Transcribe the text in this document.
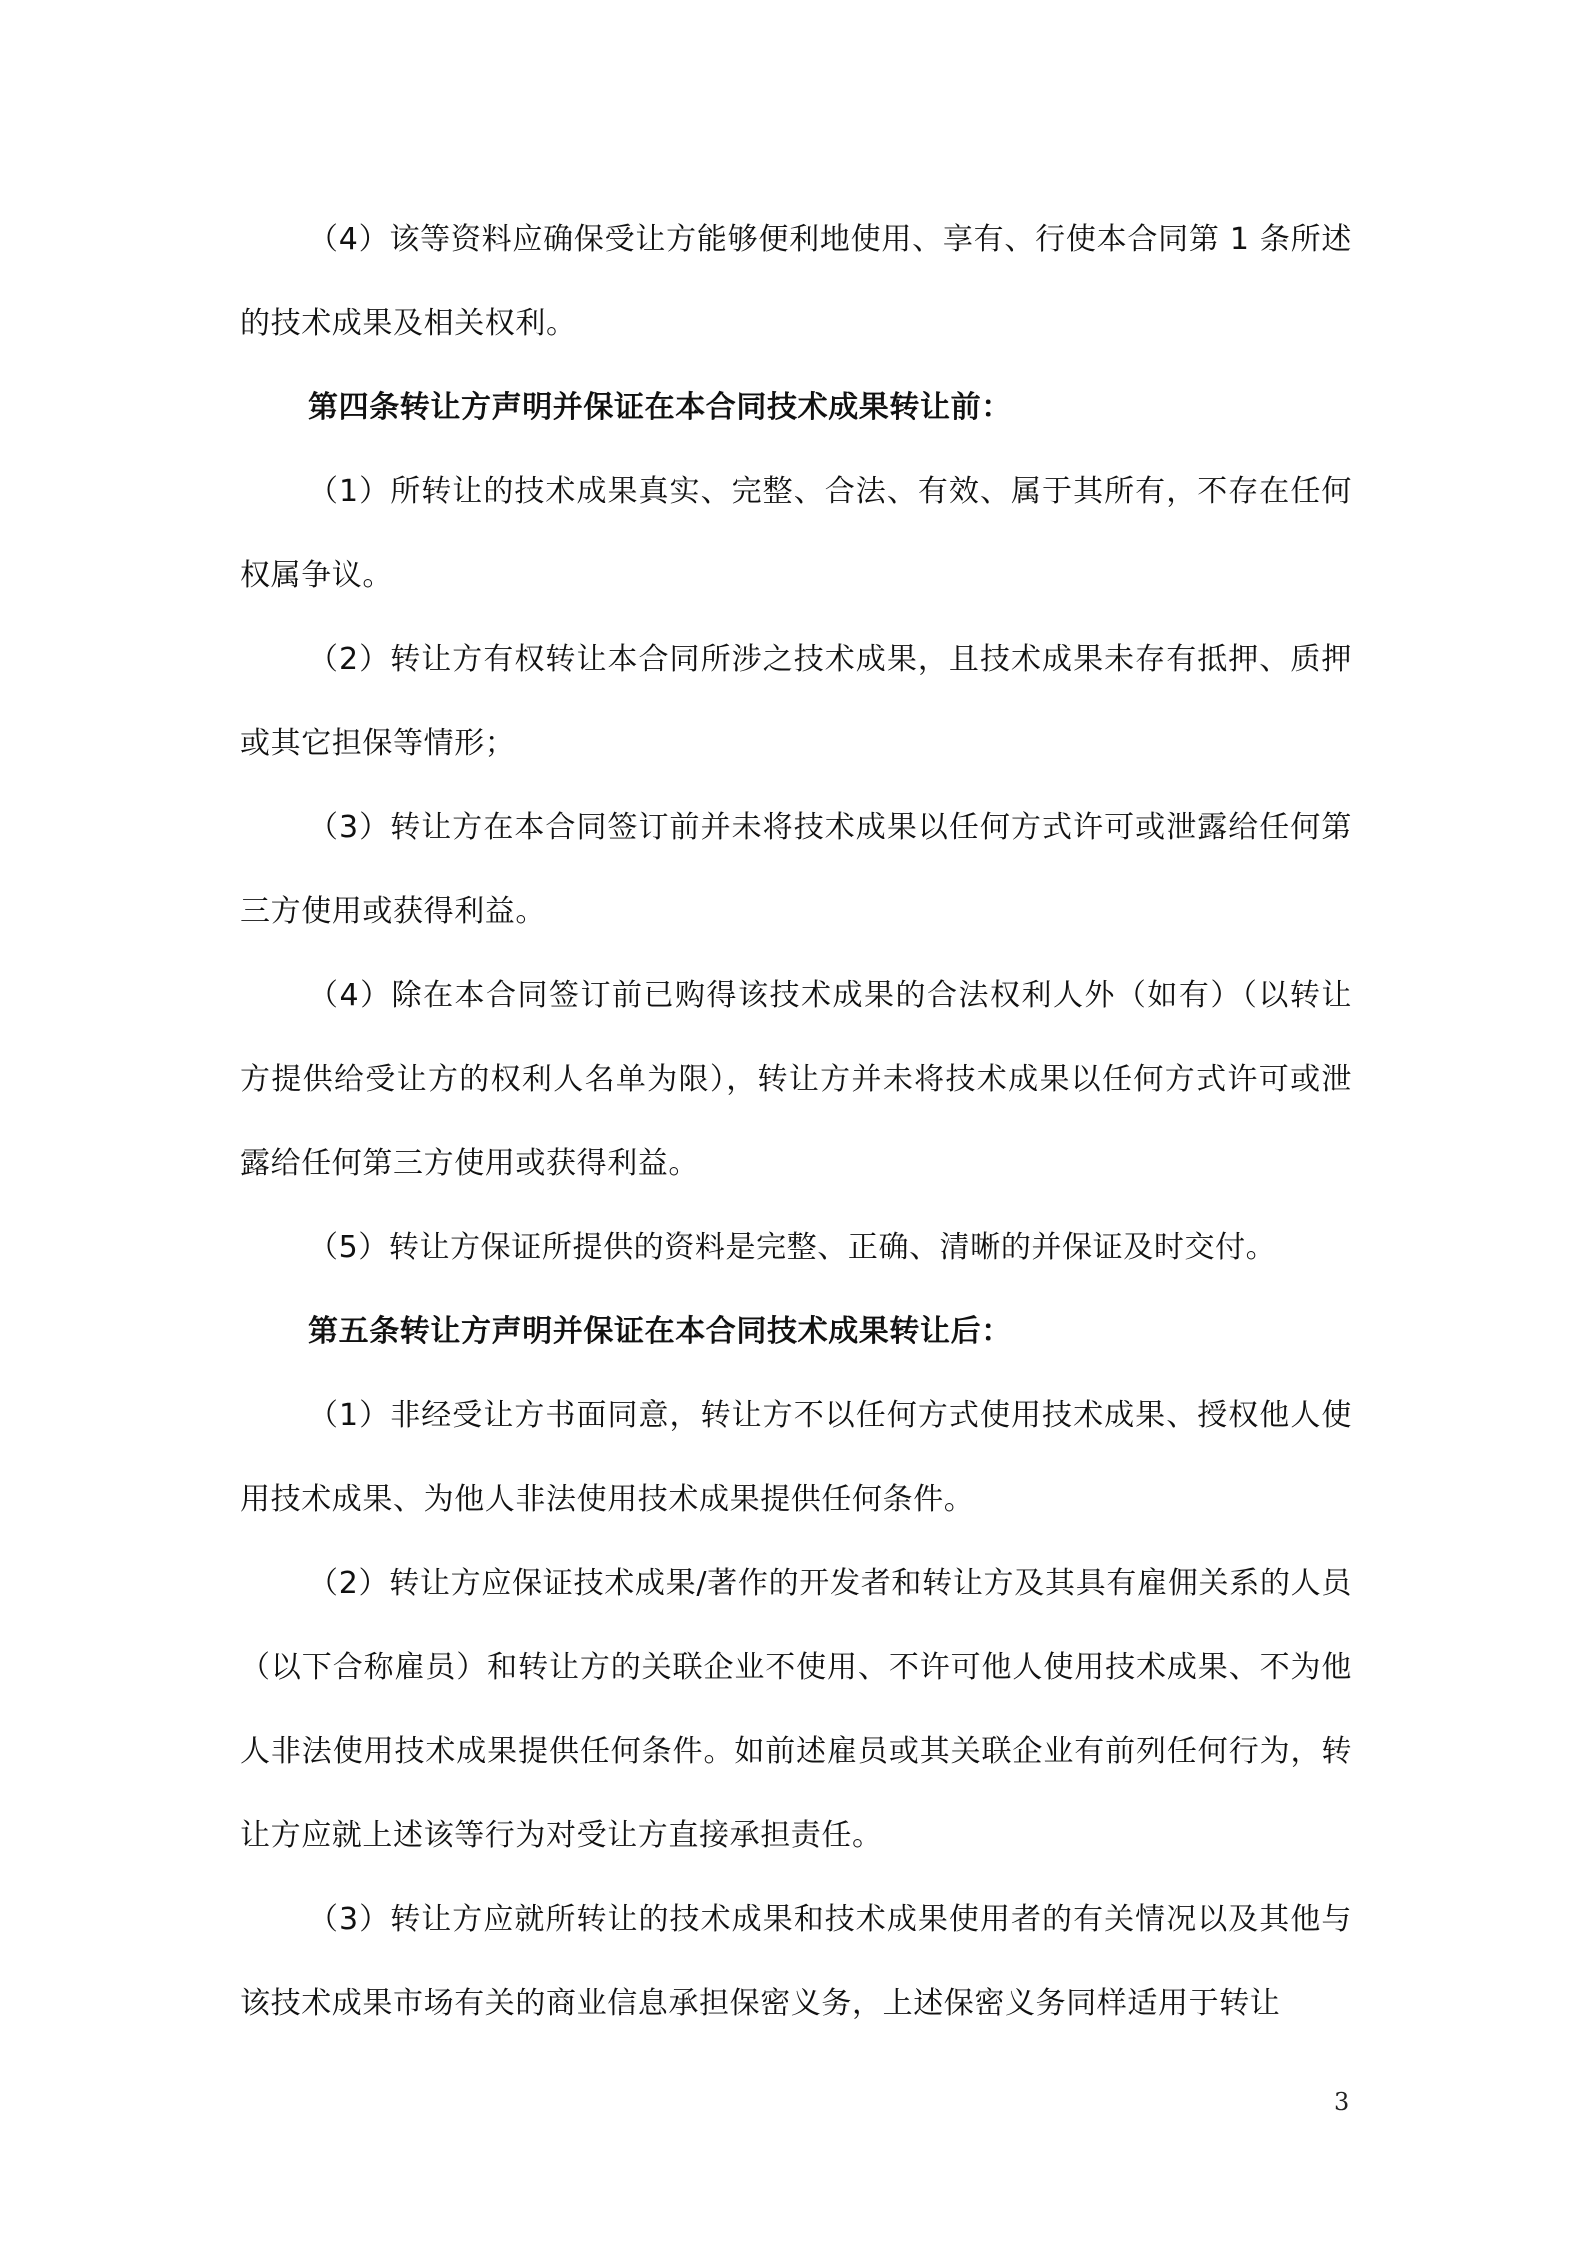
（4）该等资料应确保受让方能够便利地使用、享有、行使本合同第 1 条所述的技术成果及相关权利。

第四条转让方声明并保证在本合同技术成果转让前：

（1）所转让的技术成果真实、完整、合法、有效、属于其所有，不存在任何权属争议。

（2）转让方有权转让本合同所涉之技术成果，且技术成果未存有抵押、质押或其它担保等情形；

（3）转让方在本合同签订前并未将技术成果以任何方式许可或泄露给任何第三方使用或获得利益。

（4）除在本合同签订前已购得该技术成果的合法权利人外（如有）（以转让方提供给受让方的权利人名单为限），转让方并未将技术成果以任何方式许可或泄露给任何第三方使用或获得利益。

（5）转让方保证所提供的资料是完整、正确、清晰的并保证及时交付。

第五条转让方声明并保证在本合同技术成果转让后：

（1）非经受让方书面同意，转让方不以任何方式使用技术成果、授权他人使用技术成果、为他人非法使用技术成果提供任何条件。

（2）转让方应保证技术成果/著作的开发者和转让方及其具有雇佣关系的人员（以下合称雇员）和转让方的关联企业不使用、不许可他人使用技术成果、不为他人非法使用技术成果提供任何条件。如前述雇员或其关联企业有前列任何行为，转让方应就上述该等行为对受让方直接承担责任。

（3）转让方应就所转让的技术成果和技术成果使用者的有关情况以及其他与该技术成果市场有关的商业信息承担保密义务，上述保密义务同样适用于转让

3
